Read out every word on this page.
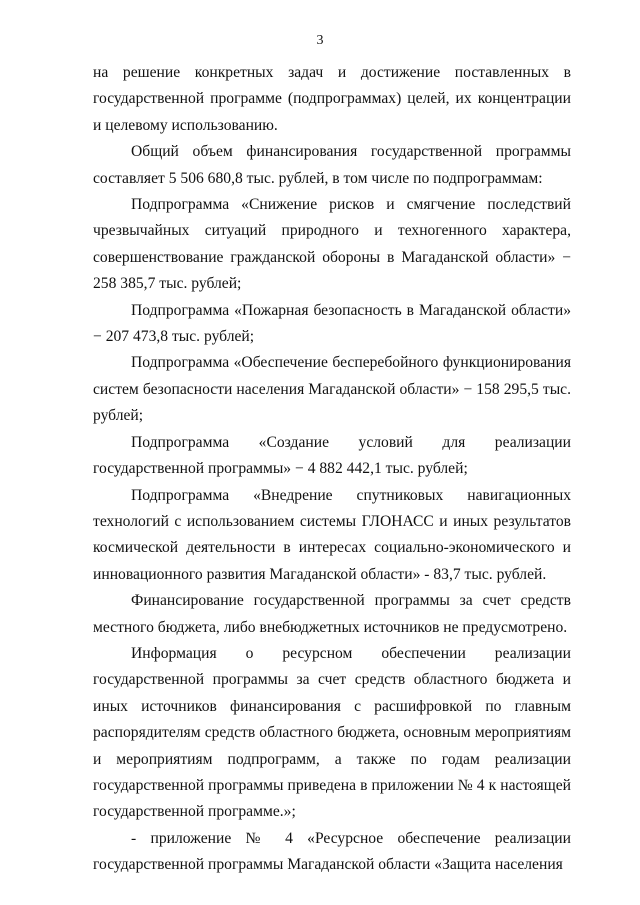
3

на решение конкретных задач и достижение поставленных в государственной программе (подпрограммах) целей, их концентрации и целевому использованию.

Общий объем финансирования государственной программы составляет 5 506 680,8 тыс. рублей, в том числе по подпрограммам:

Подпрограмма «Снижение рисков и смягчение последствий чрезвычайных ситуаций природного и техногенного характера, совершенствование гражданской обороны в Магаданской области» − 258 385,7 тыс. рублей;

Подпрограмма «Пожарная безопасность в Магаданской области» − 207 473,8 тыс. рублей;

Подпрограмма «Обеспечение бесперебойного функционирования систем безопасности населения Магаданской области» − 158 295,5 тыс. рублей;

Подпрограмма «Создание условий для реализации государственной программы» − 4 882 442,1 тыс. рублей;

Подпрограмма «Внедрение спутниковых навигационных технологий с использованием системы ГЛОНАСС и иных результатов космической деятельности в интересах социально-экономического и инновационного развития Магаданской области» - 83,7 тыс. рублей.

Финансирование государственной программы за счет средств местного бюджета, либо внебюджетных источников не предусмотрено.

Информация о ресурсном обеспечении реализации государственной программы за счет средств областного бюджета и иных источников финансирования с расшифровкой по главным распорядителям средств областного бюджета, основным мероприятиям и мероприятиям подпрограмм, а также по годам реализации государственной программы приведена в приложении № 4 к настоящей государственной программе.»;

- приложение № 4 «Ресурсное обеспечение реализации государственной программы Магаданской области «Защита населения
